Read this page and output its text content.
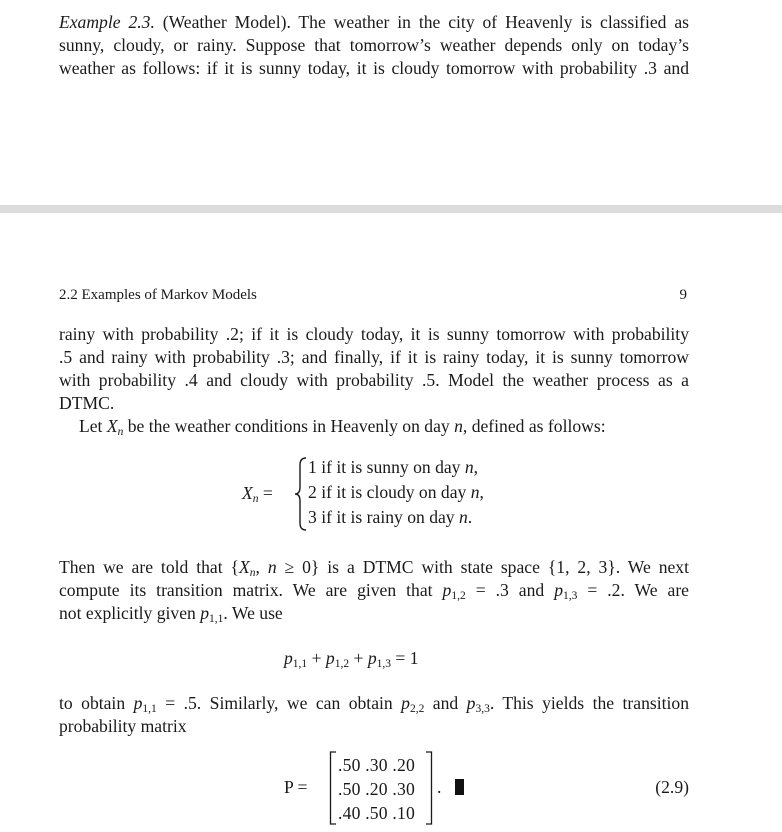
Example 2.3. (Weather Model). The weather in the city of Heavenly is classified as
sunny, cloudy, or rainy. Suppose that tomorrow’s weather depends only on today’s
weather as follows: if it is sunny today, it is cloudy tomorrow with probability .3 and
2.2 Examples of Markov Models	9
rainy with probability .2; if it is cloudy today, it is sunny tomorrow with probability
.5 and rainy with probability .3; and finally, if it is rainy today, it is sunny tomorrow
with probability .4 and cloudy with probability .5. Model the weather process as a
DTMC.
Let $X_n$ be the weather conditions in Heavenly on day n, defined as follows:
$X_n$ =
1 if it is sunny on day n,
2 if it is cloudy on day n,
3 if it is rainy on day n.
Then we are told that {$X_n$, n ≥ 0} is a DTMC with state space {1, 2, 3}. We next
compute its transition matrix. We are given that $p_{1,2} = .3$ and $p_{1,3} = .2$. We are
not explicitly given $p_{1,1}$. We use
$p_{1,1} + p_{1,2} + p_{1,3} = 1$
to obtain $p_{1,1} = .5$. Similarly, we can obtain $p_{2,2}$ and $p_{3,3}$. This yields the transition
probability matrix
P =
.50 .30 .20
.50 .20 .30
.40 .50 .10
.	(2.9)
